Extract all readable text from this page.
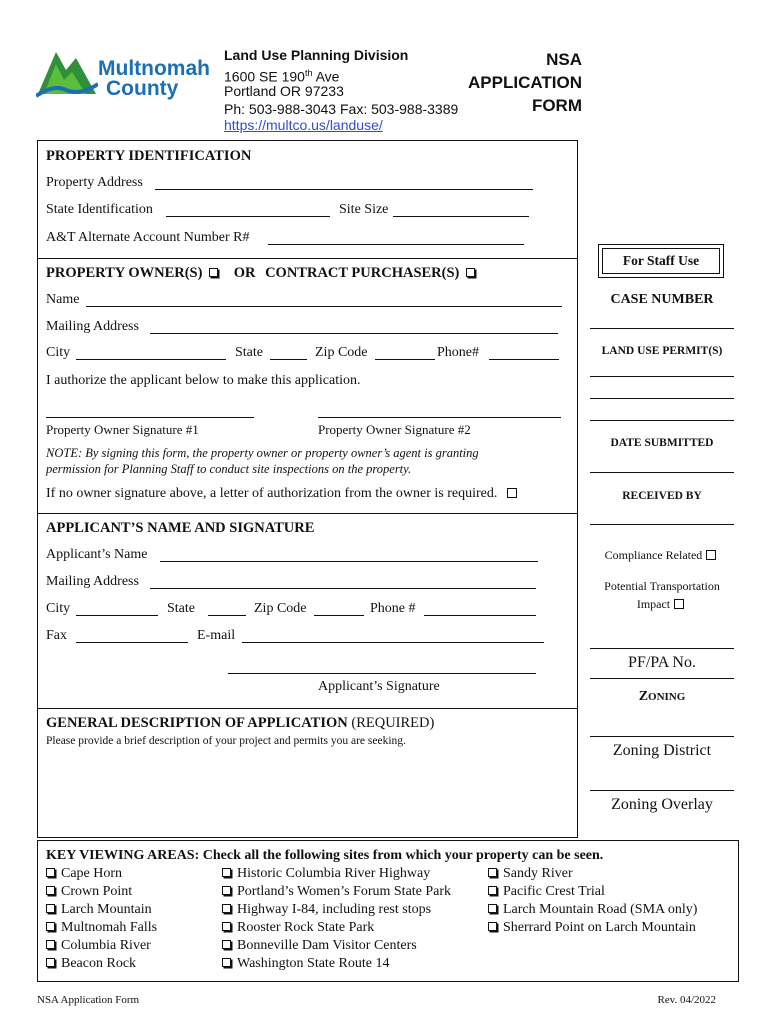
Multnomah
County
Land Use Planning Division
1600 SE 190th Ave
Portland OR 97233
Ph: 503-988-3043 Fax: 503-988-3389
https://multco.us/landuse/
NSA
APPLICATION
FORM
PROPERTY IDENTIFICATION
Property Address
State Identification	Site Size
A&T Alternate Account Number R#
PROPERTY OWNER(S) OR CONTRACT PURCHASER(S)
Name
Mailing Address
City	State	Zip Code	Phone#
I authorize the applicant below to make this application.
Property Owner Signature #1	Property Owner Signature #2
NOTE: By signing this form, the property owner or property owner’s agent is granting
permission for Planning Staff to conduct site inspections on the property.
If no owner signature above, a letter of authorization from the owner is required.
APPLICANT’S NAME AND SIGNATURE
Applicant’s Name
Mailing Address
City	State	Zip Code	Phone #
Fax	E-mail
Applicant’s Signature
GENERAL DESCRIPTION OF APPLICATION (REQUIRED)
Please provide a brief description of your project and permits you are seeking.
For Staff Use
CASE NUMBER
LAND USE PERMIT(S)
DATE SUBMITTED
RECEIVED BY
Compliance Related
Potential Transportation
Impact
PF/PA No.
ZONING
Zoning District
Zoning Overlay
KEY VIEWING AREAS: Check all the following sites from which your property can be seen.
Cape Horn
Crown Point
Larch Mountain
Multnomah Falls
Columbia River
Beacon Rock
Historic Columbia River Highway
Portland’s Women’s Forum State Park
Highway I-84, including rest stops
Rooster Rock State Park
Bonneville Dam Visitor Centers
Washington State Route 14
Sandy River
Pacific Crest Trial
Larch Mountain Road (SMA only)
Sherrard Point on Larch Mountain
NSA Application Form	Rev. 04/2022
